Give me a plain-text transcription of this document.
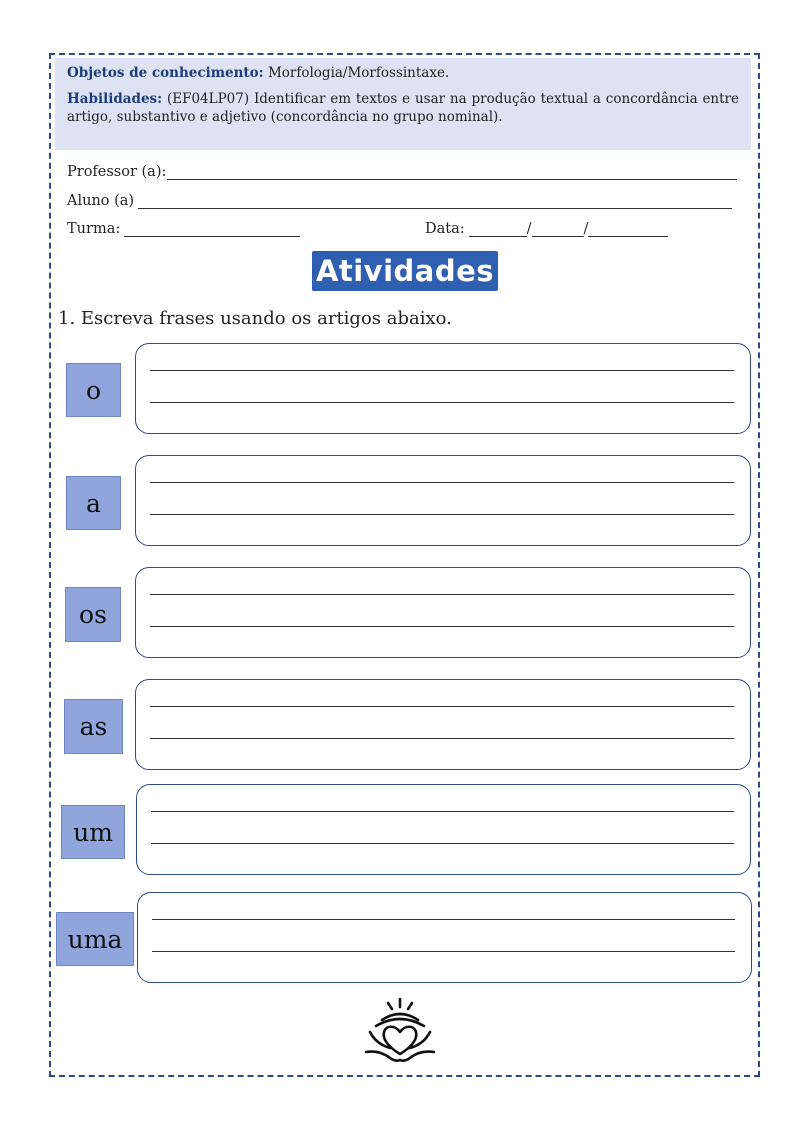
Objetos de conhecimento: Morfologia/Morfossintaxe.

Habilidades: (EF04LP07) Identificar em textos e usar na produção textual a concordância entre artigo, substantivo e adjetivo (concordância no grupo nominal).

Professor (a):
Aluno (a)
Turma:	Data:	/	/
Atividades
1. Escreva frases usando os artigos abaixo.
o
a
os
as
um
uma
